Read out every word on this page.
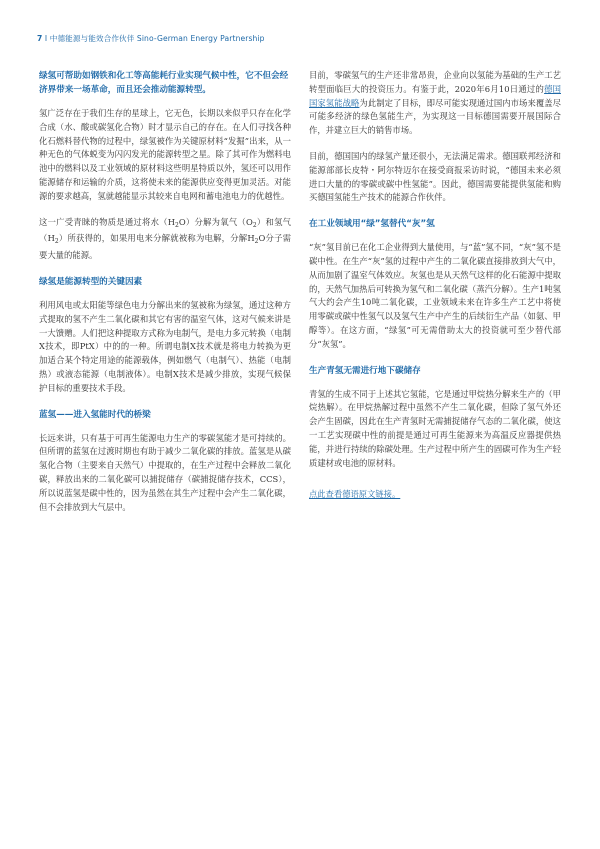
7 I 中德能源与能效合作伙伴 Sino-German Energy Partnership
绿氢可帮助如钢铁和化工等高能耗行业实现气候中性，它不但会经济界带来一场革命，而且还会推动能源转型。

氢广泛存在于我们生存的星球上，它无色，长期以来似乎只存在化学合成（水、酸或碳氢化合物）时才显示自己的存在。在人们寻找各种化石燃料替代物的过程中，绿氢被作为关键原材料“发掘”出来，从一种无色的气体蜕变为闪闪发光的能源转型之星。除了其可作为燃料电池中的燃料以及工业领域的原材料这些明星特质以外，氢还可以用作能源储存和运输的介质，这将使未来的能源供应变得更加灵活。对能源的要求越高，氢就越能显示其较来自电网和蓄电池电力的优越性。

这一广受青睐的物质是通过将水$(H_2O)$分解为氧气$(O_2)$和氢气$(H_2)$所获得的，如果用电来分解就被称为电解，分解$H_2O$分子需要大量的能源。

绿氢是能源转型的关键因素

利用风电或太阳能等绿色电力分解出来的氢被称为绿氢，通过这种方式提取的氢不产生二氧化碳和其它有害的温室气体，这对气候来讲是一大馈赠。人们把这种提取方式称为电制气，是电力多元转换（电制X技术，即PtX）中的的一种。所谓电制X技术就是将电力转换为更加适合某个特定用途的能源载体，例如燃气（电制气）、热能（电制热）或液态能源（电制液体）。电制X技术是减少排放，实现气候保护目标的重要技术手段。

蓝氢——进入氢能时代的桥梁

长远来讲，只有基于可再生能源电力生产的零碳氢能才是可持续的。但所谓的蓝氢在过渡时期也有助于减少二氧化碳的排放。蓝氢是从碳氢化合物（主要来自天然气）中提取的，在生产过程中会释放二氧化碳，释放出来的二氧化碳可以捕捉储存（碳捕捉储存技术，CCS），所以说蓝氢是碳中性的，因为虽然在其生产过程中会产生二氧化碳，但不会排放到大气层中。

目前，零碳氢气的生产还非常昂贵，企业向以氢能为基础的生产工艺转型面临巨大的投资压力。有鉴于此，2020年6月10日通过的德国国家氢能战略为此制定了目标，即尽可能实现通过国内市场来覆盖尽可能多经济的绿色氢能生产，为实现这一目标德国需要开展国际合作，并建立巨大的销售市场。

目前，德国国内的绿氢产量还很小，无法满足需求。德国联邦经济和能源部部长皮特・阿尔特迈尔在接受商报采访时说，“德国未来必须进口大量的的零碳或碳中性氢能”。因此，德国需要能提供氢能和购买德国氢能生产技术的能源合作伙伴。

在工业领域用“绿”氢替代“灰”氢

“灰”氢目前已在化工企业得到大量使用，与“蓝”氢不同，“灰”氢不是碳中性。在生产“灰”氢的过程中产生的二氧化碳直接排放到大气中，从而加剧了温室气体效应。灰氢也是从天然气这样的化石能源中提取的，天然气加热后可转换为氢气和二氧化碳（蒸汽分解）。生产1吨氢气大约会产生10吨二氧化碳，工业领域未来在许多生产工艺中将使用零碳或碳中性氢气以及氢气生产中产生的后续衍生产品（如氨、甲醇等）。在这方面，“绿氢”可无需借助太大的投资就可至少替代部分“灰氢”。

生产青氢无需进行地下碳储存

青氢的生成不同于上述其它氢能，它是通过甲烷热分解来生产的（甲烷热解）。在甲烷热解过程中虽然不产生二氧化碳，但除了氢气外还会产生固碳，因此在生产青氢时无需捕捉储存气态的二氧化碳，使这一工艺实现碳中性的前提是通过可再生能源来为高温反应器提供热能，并进行持续的除碳处理。生产过程中所产生的固碳可作为生产轻质建材或电池的原材料。

点此查看德语原文链接。
